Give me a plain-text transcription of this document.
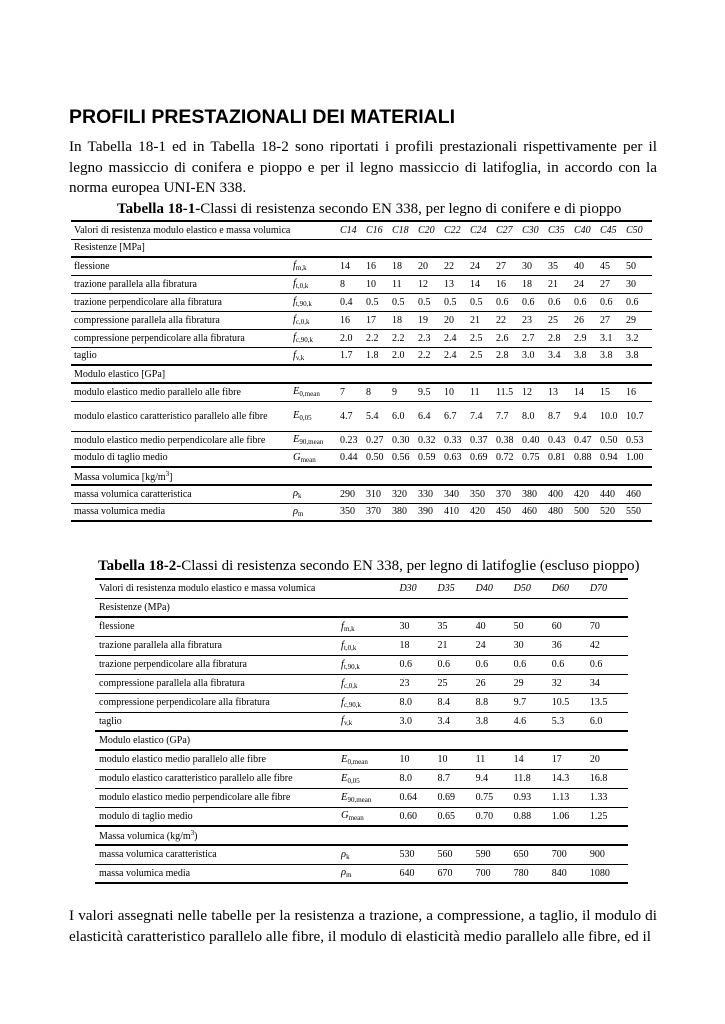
PROFILI PRESTAZIONALI DEI MATERIALI

In Tabella 18-1 ed in Tabella 18-2 sono riportati i profili prestazionali rispettivamente per il legno massiccio di conifera e pioppo e per il legno massiccio di latifoglia, in accordo con la norma europea UNI-EN 338.

Tabella 18-1-Classi di resistenza secondo EN 338, per legno di conifere e di pioppo

Valori di resistenza modulo elastico e massa volumica		C14	C16	C18	C20	C22	C24	C27	C30	C35	C40	C45	C50
Resistenze [MPa]													
flessione	$f_{m,k}$	14	16	18	20	22	24	27	30	35	40	45	50
trazione parallela alla fibratura	$f_{t,0,k}$	8	10	11	12	13	14	16	18	21	24	27	30
trazione perpendicolare alla fibratura	$f_{t,90,k}$	0.4	0.5	0.5	0.5	0.5	0.5	0.6	0.6	0.6	0.6	0.6	0.6
compressione parallela alla fibratura	$f_{c,0,k}$	16	17	18	19	20	21	22	23	25	26	27	29
compressione perpendicolare alla fibratura	$f_{c,90,k}$	2.0	2.2	2.2	2.3	2.4	2.5	2.6	2.7	2.8	2.9	3.1	3.2
taglio	$f_{v,k}$	1.7	1.8	2.0	2.2	2.4	2.5	2.8	3.0	3.4	3.8	3.8	3.8
Modulo elastico [GPa]													
modulo elastico medio parallelo alle fibre	$E_{0,mean}$	7	8	9	9.5	10	11	11.5	12	13	14	15	16
modulo elastico caratteristico parallelo alle fibre	$E_{0,05}$	4.7	5.4	6.0	6.4	6.7	7.4	7.7	8.0	8.7	9.4	10.0	10.7
modulo elastico medio perpendicolare alle fibre	$E_{90,mean}$	0.23	0.27	0.30	0.32	0.33	0.37	0.38	0.40	0.43	0.47	0.50	0.53
modulo di taglio medio	$G_{mean}$	0.44	0.50	0.56	0.59	0.63	0.69	0.72	0.75	0.81	0.88	0.94	1.00
Massa volumica $[kg/m^3]$													
massa volumica caratteristica	$\rho_k$	290	310	320	330	340	350	370	380	400	420	440	460
massa volumica media	$\rho_m$	350	370	380	390	410	420	450	460	480	500	520	550

Tabella 18-2-Classi di resistenza secondo EN 338, per legno di latifoglie (escluso pioppo)

Valori di resistenza modulo elastico e massa volumica		D30	D35	D40	D50	D60	D70
Resistenze (MPa)							
flessione	$f_{m,k}$	30	35	40	50	60	70
trazione parallela alla fibratura	$f_{t,0,k}$	18	21	24	30	36	42
trazione perpendicolare alla fibratura	$f_{t,90,k}$	0.6	0.6	0.6	0.6	0.6	0.6
compressione parallela alla fibratura	$f_{c,0,k}$	23	25	26	29	32	34
compressione perpendicolare alla fibratura	$f_{c,90,k}$	8.0	8.4	8.8	9.7	10.5	13.5
taglio	$f_{v,k}$	3.0	3.4	3.8	4.6	5.3	6.0
Modulo elastico (GPa)							
modulo elastico medio parallelo alle fibre	$E_{0,mean}$	10	10	11	14	17	20
modulo elastico caratteristico parallelo alle fibre	$E_{0,05}$	8.0	8.7	9.4	11.8	14.3	16.8
modulo elastico medio perpendicolare alle fibre	$E_{90,mean}$	0.64	0.69	0.75	0.93	1.13	1.33
modulo di taglio medio	$G_{mean}$	0.60	0.65	0.70	0.88	1.06	1.25
Massa volumica $(kg/m^3)$							
massa volumica caratteristica	$\rho_k$	530	560	590	650	700	900
massa volumica media	$\rho_m$	640	670	700	780	840	1080

I valori assegnati nelle tabelle per la resistenza a trazione, a compressione, a taglio, il modulo di elasticità caratteristico parallelo alle fibre, il modulo di elasticità medio parallelo alle fibre, ed il
